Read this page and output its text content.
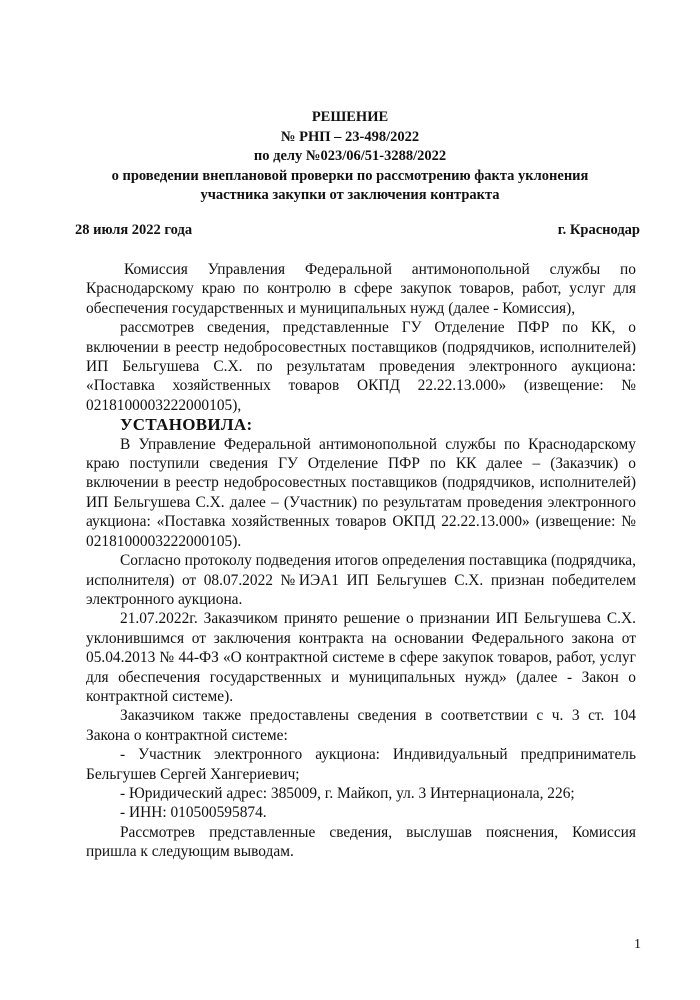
РЕШЕНИЕ
№ РНП – 23-498/2022
по делу №023/06/51-3288/2022
о проведении внеплановой проверки по рассмотрению факта уклонения
участника закупки от заключения контракта
28 июля 2022 года	г. Краснодар

Комиссия Управления Федеральной антимонопольной службы по Краснодарскому краю по контролю в сфере закупок товаров, работ, услуг для обеспечения государственных и муниципальных нужд (далее - Комиссия),

рассмотрев сведения, представленные ГУ Отделение ПФР по КК, о включении в реестр недобросовестных поставщиков (подрядчиков, исполнителей) ИП Бельгушева С.Х. по результатам проведения электронного аукциона: «Поставка хозяйственных товаров ОКПД 22.22.13.000» (извещение: № 0218100003222000105),

УСТАНОВИЛА:

В Управление Федеральной антимонопольной службы по Краснодарскому краю поступили сведения ГУ Отделение ПФР по КК далее – (Заказчик) о включении в реестр недобросовестных поставщиков (подрядчиков, исполнителей) ИП Бельгушева С.Х. далее – (Участник) по результатам проведения электронного аукциона: «Поставка хозяйственных товаров ОКПД 22.22.13.000» (извещение: № 0218100003222000105).

Согласно протоколу подведения итогов определения поставщика (подрядчика, исполнителя) от 08.07.2022 №ИЭА1 ИП Бельгушев С.Х. признан победителем электронного аукциона.

21.07.2022г. Заказчиком принято решение о признании ИП Бельгушева С.Х. уклонившимся от заключения контракта на основании Федерального закона от 05.04.2013 № 44-ФЗ «О контрактной системе в сфере закупок товаров, работ, услуг для обеспечения государственных и муниципальных нужд» (далее - Закон о контрактной системе).

Заказчиком также предоставлены сведения в соответствии с ч. 3 ст. 104 Закона о контрактной системе:

- Участник электронного аукциона: Индивидуальный предприниматель Бельгушев Сергей Хангериевич;

- Юридический адрес: 385009, г. Майкоп, ул. 3 Интернационала, 226;

- ИНН: 010500595874.

Рассмотрев представленные сведения, выслушав пояснения, Комиссия пришла к следующим выводам.

1
